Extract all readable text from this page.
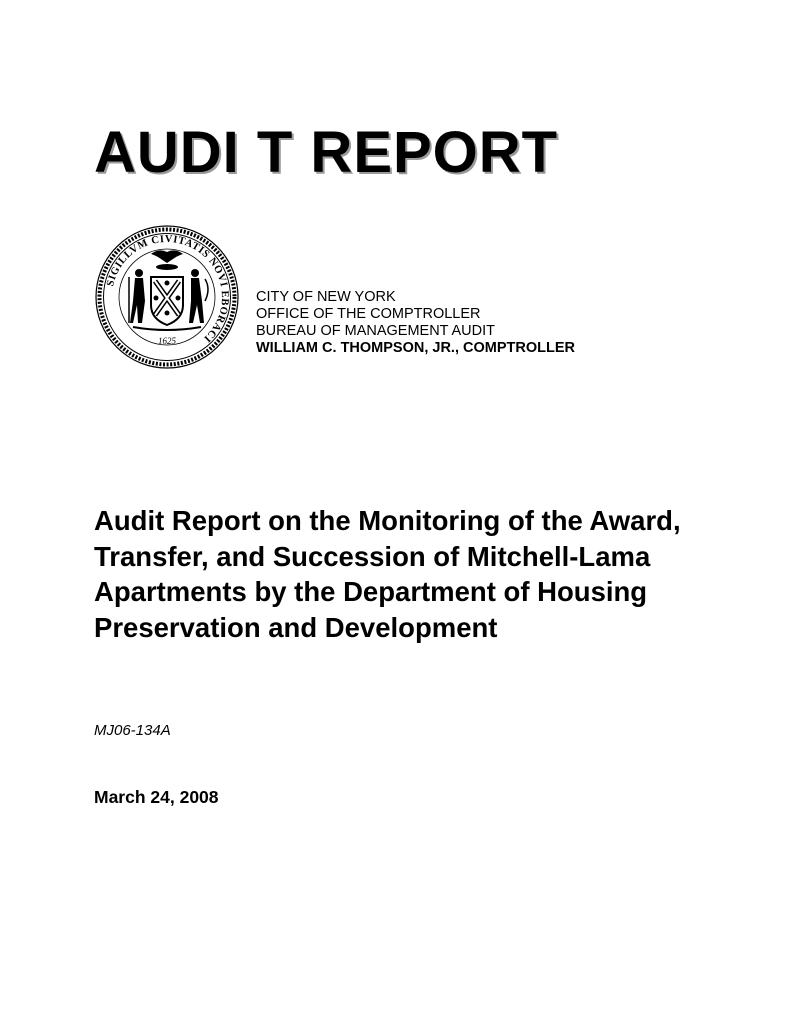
AUDI T REPORT
SIGILLVM CIVITATIS NOVI EBORACI
1625
CITY OF NEW YORK
OFFICE OF THE COMPTROLLER
BUREAU OF MANAGEMENT AUDIT
WILLIAM C. THOMPSON, JR., COMPTROLLER
Audit Report on the Monitoring of the Award, Transfer, and Succession of Mitchell-Lama Apartments by the Department of Housing Preservation and Development
MJ06-134A
March 24, 2008
